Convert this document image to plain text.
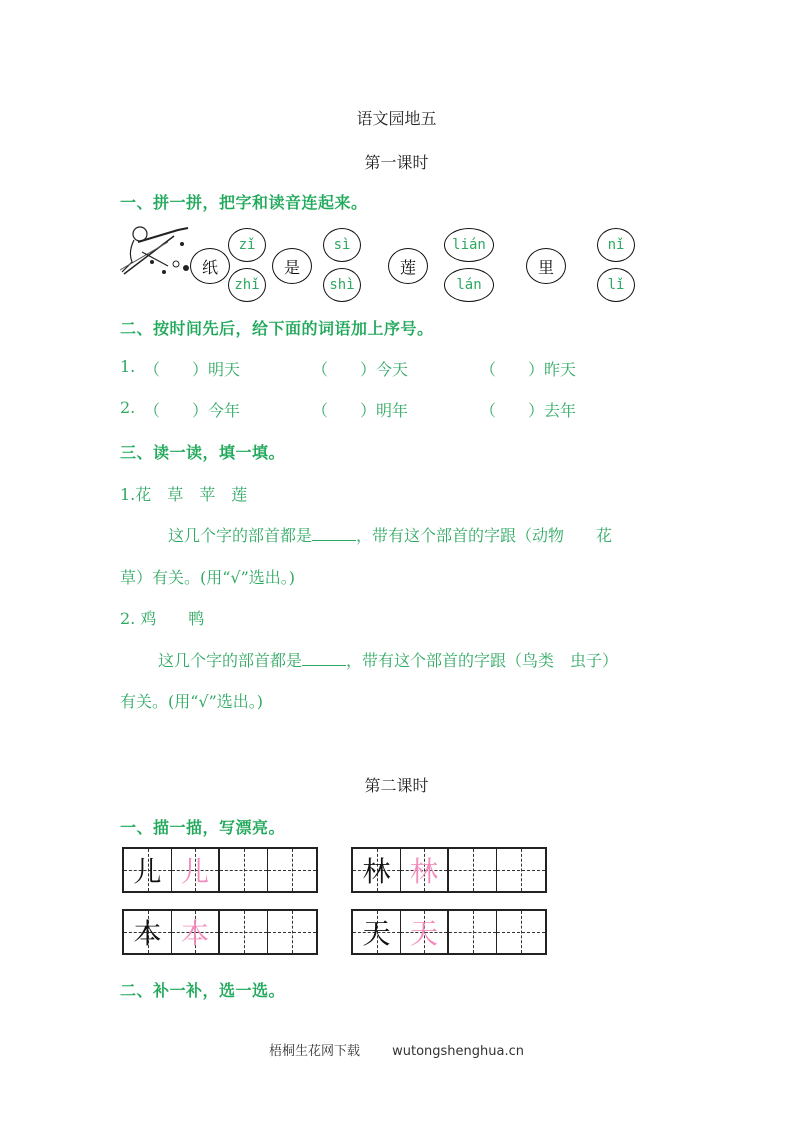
语文园地五
第一课时
一、拼一拼，把字和读音连起来。
纸
zǐ
zhǐ
是
sì
shì
莲
lián
lán
里
nǐ
lǐ
二、按时间先后，给下面的词语加上序号。
1. （　　）明天	（　　）今天	（　　）昨天
2. （　　）今年	（　　）明年	（　　）去年
三、读一读，填一填。
1.花　草　苹　莲
这几个字的部首都是	，带有这个部首的字跟（动物　　花
草）有关。(用“√”选出。)
2. 鸡　　鸭
这几个字的部首都是	，带有这个部首的字跟（鸟类　虫子）
有关。(用“√”选出。)
第二课时
一、描一描，写漂亮。
儿 儿	林 林
本 本	天 天
二、补一补，选一选。
梧桐生花网下载 wutongshenghua.cn
